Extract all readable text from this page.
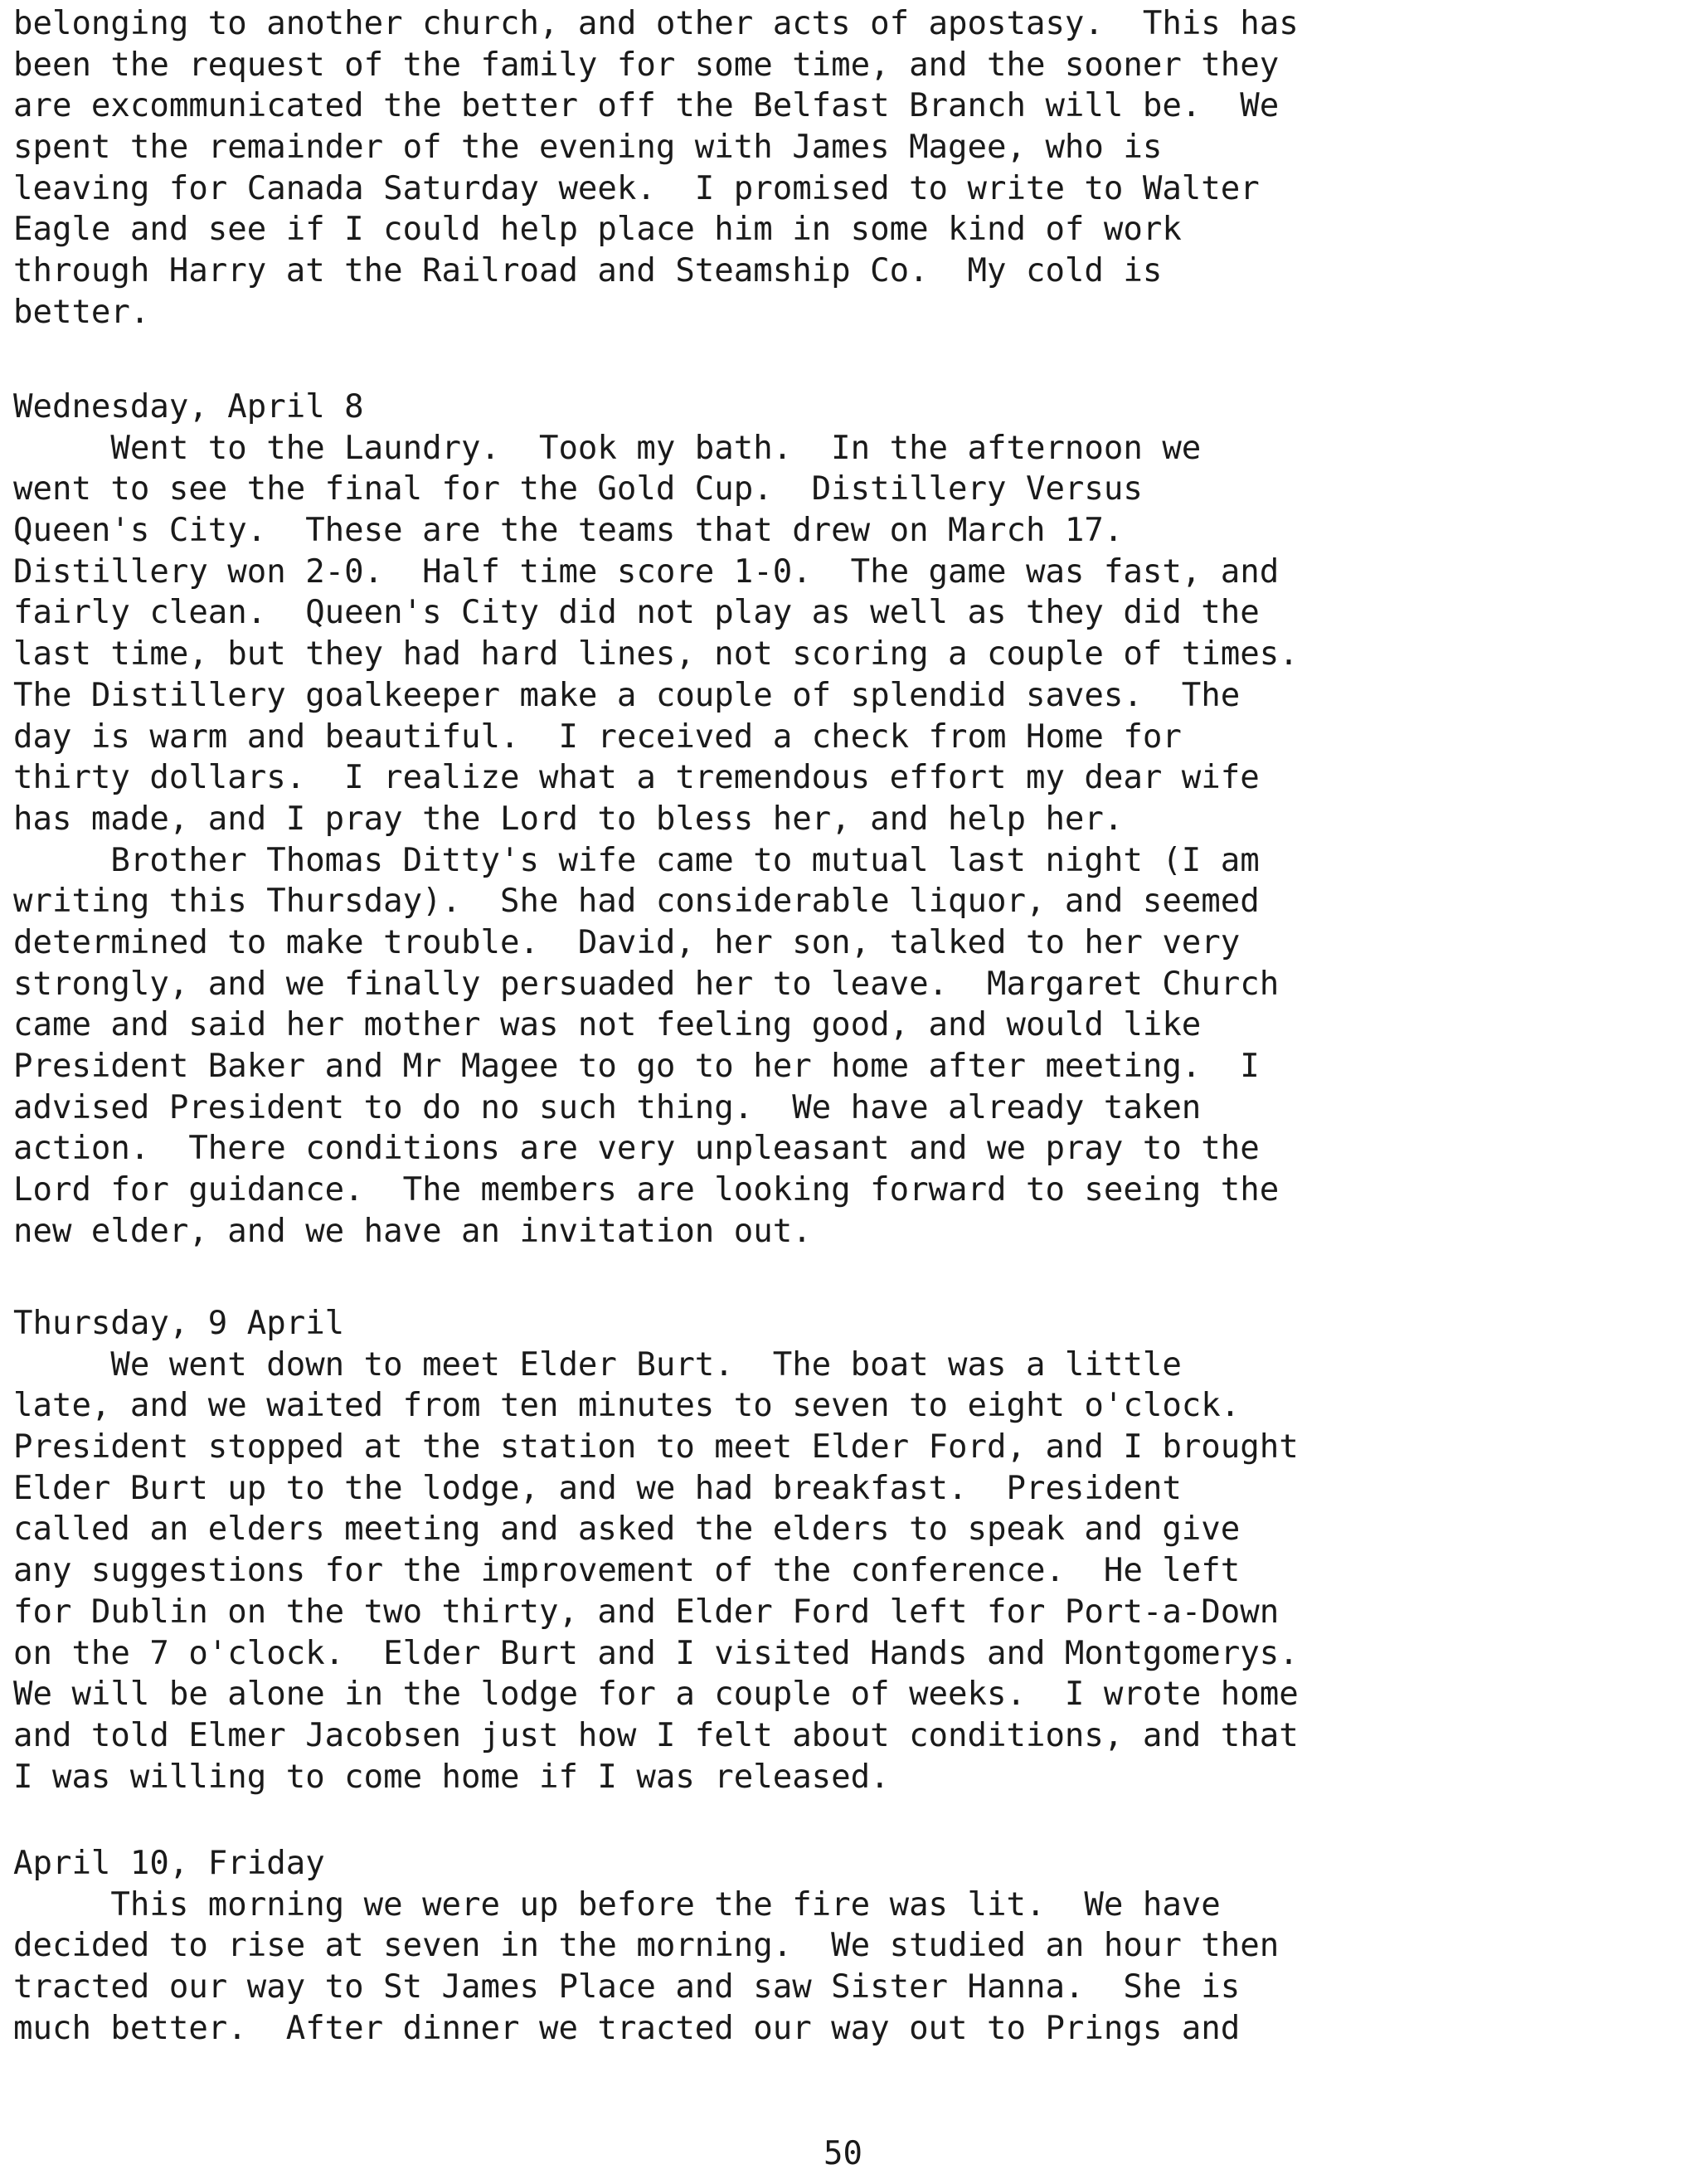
belonging to another church, and other acts of apostasy.  This has
been the request of the family for some time, and the sooner they
are excommunicated the better off the Belfast Branch will be.  We
spent the remainder of the evening with James Magee, who is
leaving for Canada Saturday week.  I promised to write to Walter
Eagle and see if I could help place him in some kind of work
through Harry at the Railroad and Steamship Co.  My cold is
better.
Wednesday, April 8
Went to the Laundry.  Took my bath.  In the afternoon we
went to see the final for the Gold Cup.  Distillery Versus
Queen's City.  These are the teams that drew on March 17.
Distillery won 2-0.  Half time score 1-0.  The game was fast, and
fairly clean.  Queen's City did not play as well as they did the
last time, but they had hard lines, not scoring a couple of times.
The Distillery goalkeeper make a couple of splendid saves.  The
day is warm and beautiful.  I received a check from Home for
thirty dollars.  I realize what a tremendous effort my dear wife
has made, and I pray the Lord to bless her, and help her.
Brother Thomas Ditty's wife came to mutual last night (I am
writing this Thursday).  She had considerable liquor, and seemed
determined to make trouble.  David, her son, talked to her very
strongly, and we finally persuaded her to leave.  Margaret Church
came and said her mother was not feeling good, and would like
President Baker and Mr Magee to go to her home after meeting.  I
advised President to do no such thing.  We have already taken
action.  There conditions are very unpleasant and we pray to the
Lord for guidance.  The members are looking forward to seeing the
new elder, and we have an invitation out.
Thursday, 9 April
We went down to meet Elder Burt.  The boat was a little
late, and we waited from ten minutes to seven to eight o'clock.
President stopped at the station to meet Elder Ford, and I brought
Elder Burt up to the lodge, and we had breakfast.  President
called an elders meeting and asked the elders to speak and give
any suggestions for the improvement of the conference.  He left
for Dublin on the two thirty, and Elder Ford left for Port-a-Down
on the 7 o'clock.  Elder Burt and I visited Hands and Montgomerys.
We will be alone in the lodge for a couple of weeks.  I wrote home
and told Elmer Jacobsen just how I felt about conditions, and that
I was willing to come home if I was released.
April 10, Friday
This morning we were up before the fire was lit.  We have
decided to rise at seven in the morning.  We studied an hour then
tracted our way to St James Place and saw Sister Hanna.  She is
much better.  After dinner we tracted our way out to Prings and
50
